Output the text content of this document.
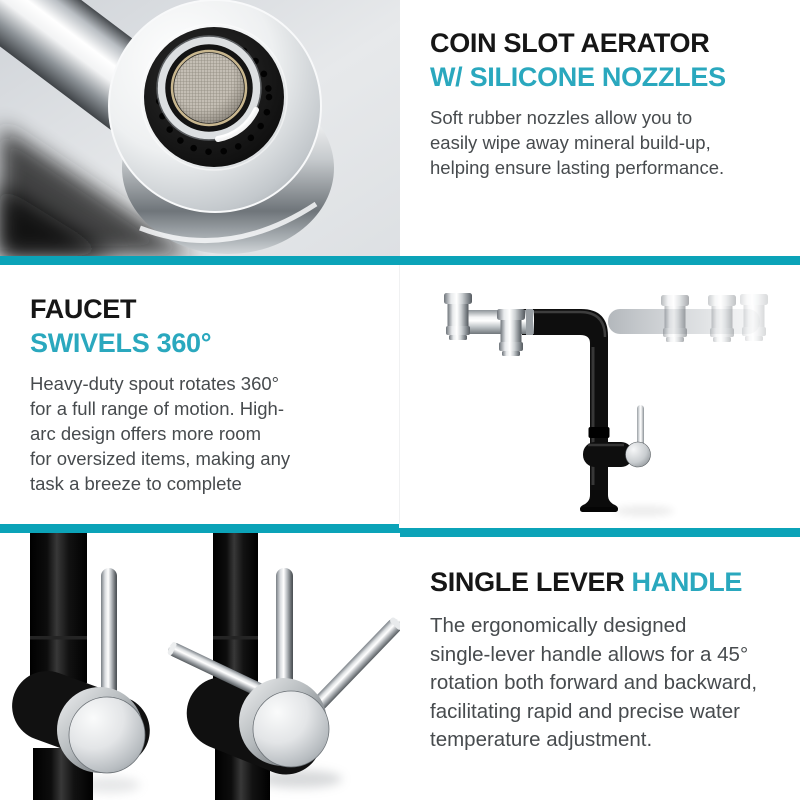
COIN SLOT AERATOR
W/ SILICONE NOZZLES
Soft rubber nozzles allow you to
easily wipe away mineral build-up,
helping ensure lasting performance.
FAUCET
SWIVELS 360°
Heavy-duty spout rotates 360°
for a full range of motion. High-
arc design offers more room
for oversized items, making any
task a breeze to complete
SINGLE LEVER HANDLE
The ergonomically designed
single-lever handle allows for a 45°
rotation both forward and backward,
facilitating rapid and precise water
temperature adjustment.
